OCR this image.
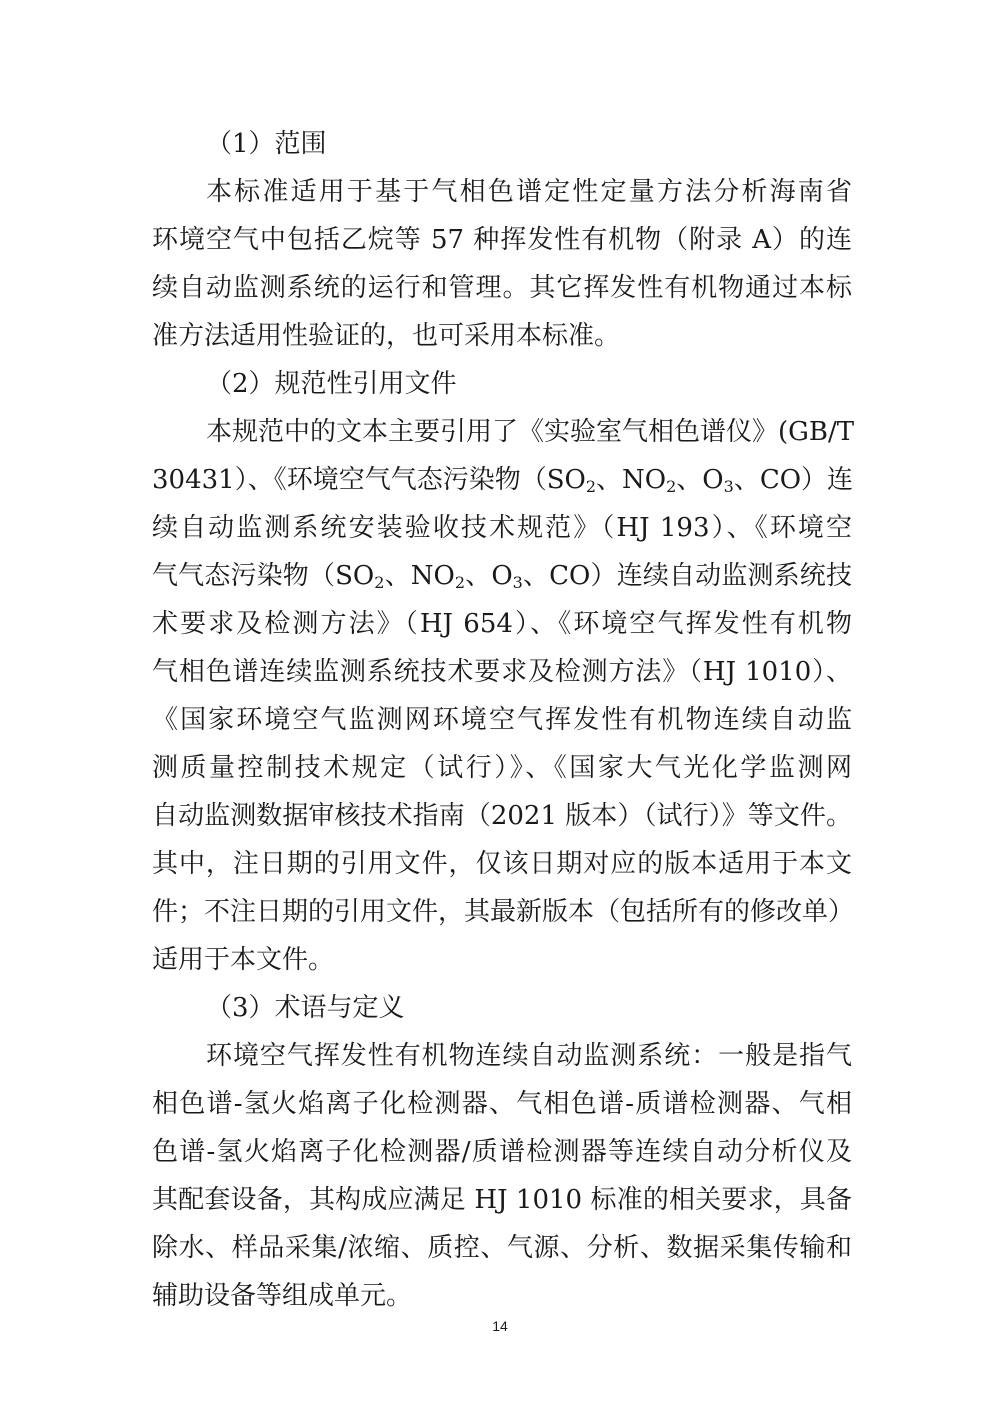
（1）范围
本标准适用于基于气相色谱定性定量方法分析海南省
环境空气中包括乙烷等 57 种挥发性有机物（附录 A）的连
续自动监测系统的运行和管理。其它挥发性有机物通过本标
准方法适用性验证的，也可采用本标准。
（2）规范性引用文件
本规范中的文本主要引用了《实验室气相色谱仪》(GB/T
30431）、《环境空气气态污染物（$SO_2$、$NO_2$、$O_3$、CO）连
续自动监测系统安装验收技术规范》（HJ 193）、《环境空
气气态污染物（$SO_2$、$NO_2$、$O_3$、CO）连续自动监测系统技
术要求及检测方法》（HJ 654）、《环境空气挥发性有机物
气相色谱连续监测系统技术要求及检测方法》（HJ 1010）、
《国家环境空气监测网环境空气挥发性有机物连续自动监
测质量控制技术规定（试行）》、《国家大气光化学监测网
自动监测数据审核技术指南（2021 版本）（试行）》等文件。
其中，注日期的引用文件，仅该日期对应的版本适用于本文
件；不注日期的引用文件，其最新版本（包括所有的修改单）
适用于本文件。
（3）术语与定义
环境空气挥发性有机物连续自动监测系统：一般是指气
相色谱-氢火焰离子化检测器、气相色谱-质谱检测器、气相
色谱-氢火焰离子化检测器/质谱检测器等连续自动分析仪及
其配套设备，其构成应满足 HJ 1010 标准的相关要求，具备
除水、样品采集/浓缩、质控、气源、分析、数据采集传输和
辅助设备等组成单元。
14
